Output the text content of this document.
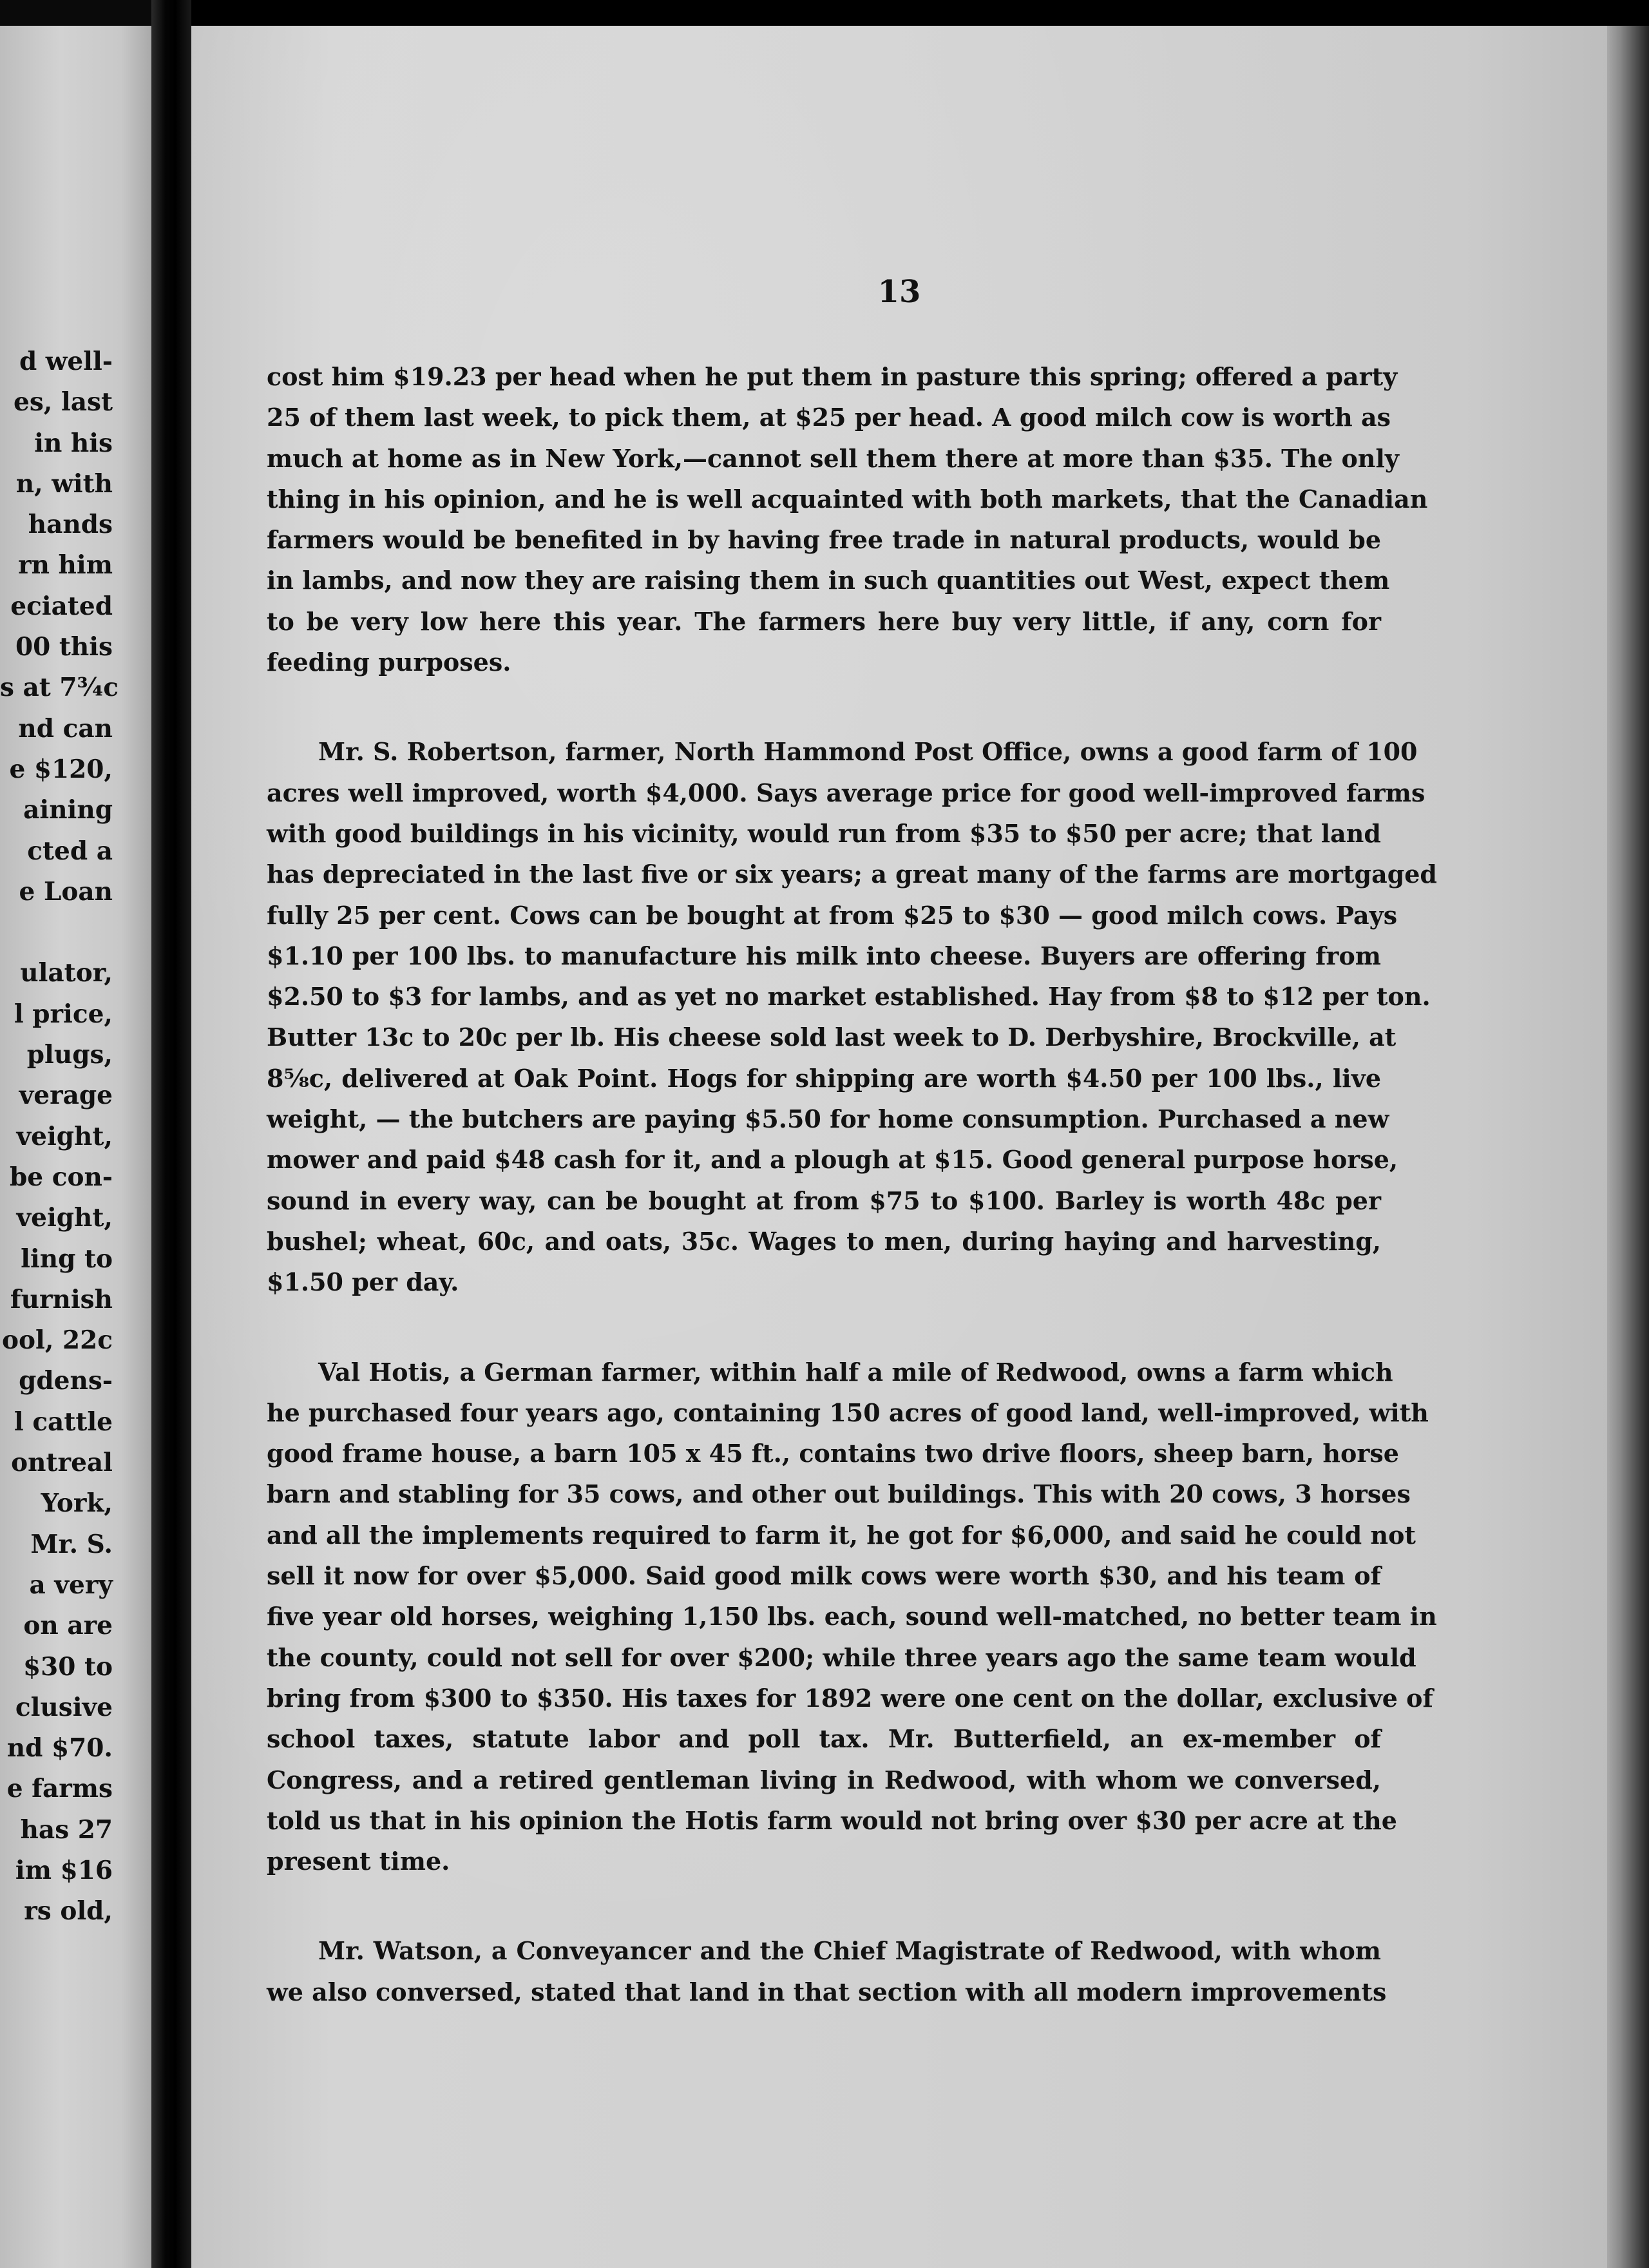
d well-
es, last
in his
n, with
hands
rn him
eciated
00 this
s at 7¾c
nd can
e $120,
aining
cted a
e Loan
ulator,
l price,
plugs,
verage
veight,
be con-
veight,
ling to
furnish
ool, 22c
gdens-
l cattle
ontreal
York,
Mr. S.
a very
on are
$30 to
clusive
nd $70.
e farms
has 27
im $16
rs old,
13
cost him $19.23 per head when he put them in pasture this spring; offered a party
25 of them last week, to pick them, at $25 per head. A good milch cow is worth as
much at home as in New York,—cannot sell them there at more than $35. The only
thing in his opinion, and he is well acquainted with both markets, that the Canadian
farmers would be benefited in by having free trade in natural products, would be
in lambs, and now they are raising them in such quantities out West, expect them
to be very low here this year. The farmers here buy very little, if any, corn for
feeding purposes.
Mr. S. Robertson, farmer, North Hammond Post Office, owns a good farm of 100
acres well improved, worth $4,000. Says average price for good well-improved farms
with good buildings in his vicinity, would run from $35 to $50 per acre; that land
has depreciated in the last five or six years; a great many of the farms are mortgaged
fully 25 per cent. Cows can be bought at from $25 to $30 — good milch cows. Pays
$1.10 per 100 lbs. to manufacture his milk into cheese. Buyers are offering from
$2.50 to $3 for lambs, and as yet no market established. Hay from $8 to $12 per ton.
Butter 13c to 20c per lb. His cheese sold last week to D. Derbyshire, Brockville, at
8⅝c, delivered at Oak Point. Hogs for shipping are worth $4.50 per 100 lbs., live
weight, — the butchers are paying $5.50 for home consumption. Purchased a new
mower and paid $48 cash for it, and a plough at $15. Good general purpose horse,
sound in every way, can be bought at from $75 to $100. Barley is worth 48c per
bushel; wheat, 60c, and oats, 35c. Wages to men, during haying and harvesting,
$1.50 per day.
Val Hotis, a German farmer, within half a mile of Redwood, owns a farm which
he purchased four years ago, containing 150 acres of good land, well-improved, with
good frame house, a barn 105 x 45 ft., contains two drive floors, sheep barn, horse
barn and stabling for 35 cows, and other out buildings. This with 20 cows, 3 horses
and all the implements required to farm it, he got for $6,000, and said he could not
sell it now for over $5,000. Said good milk cows were worth $30, and his team of
five year old horses, weighing 1,150 lbs. each, sound well-matched, no better team in
the county, could not sell for over $200; while three years ago the same team would
bring from $300 to $350. His taxes for 1892 were one cent on the dollar, exclusive of
school taxes, statute labor and poll tax. Mr. Butterfield, an ex-member of
Congress, and a retired gentleman living in Redwood, with whom we conversed,
told us that in his opinion the Hotis farm would not bring over $30 per acre at the
present time.
Mr. Watson, a Conveyancer and the Chief Magistrate of Redwood, with whom
we also conversed, stated that land in that section with all modern improvements
